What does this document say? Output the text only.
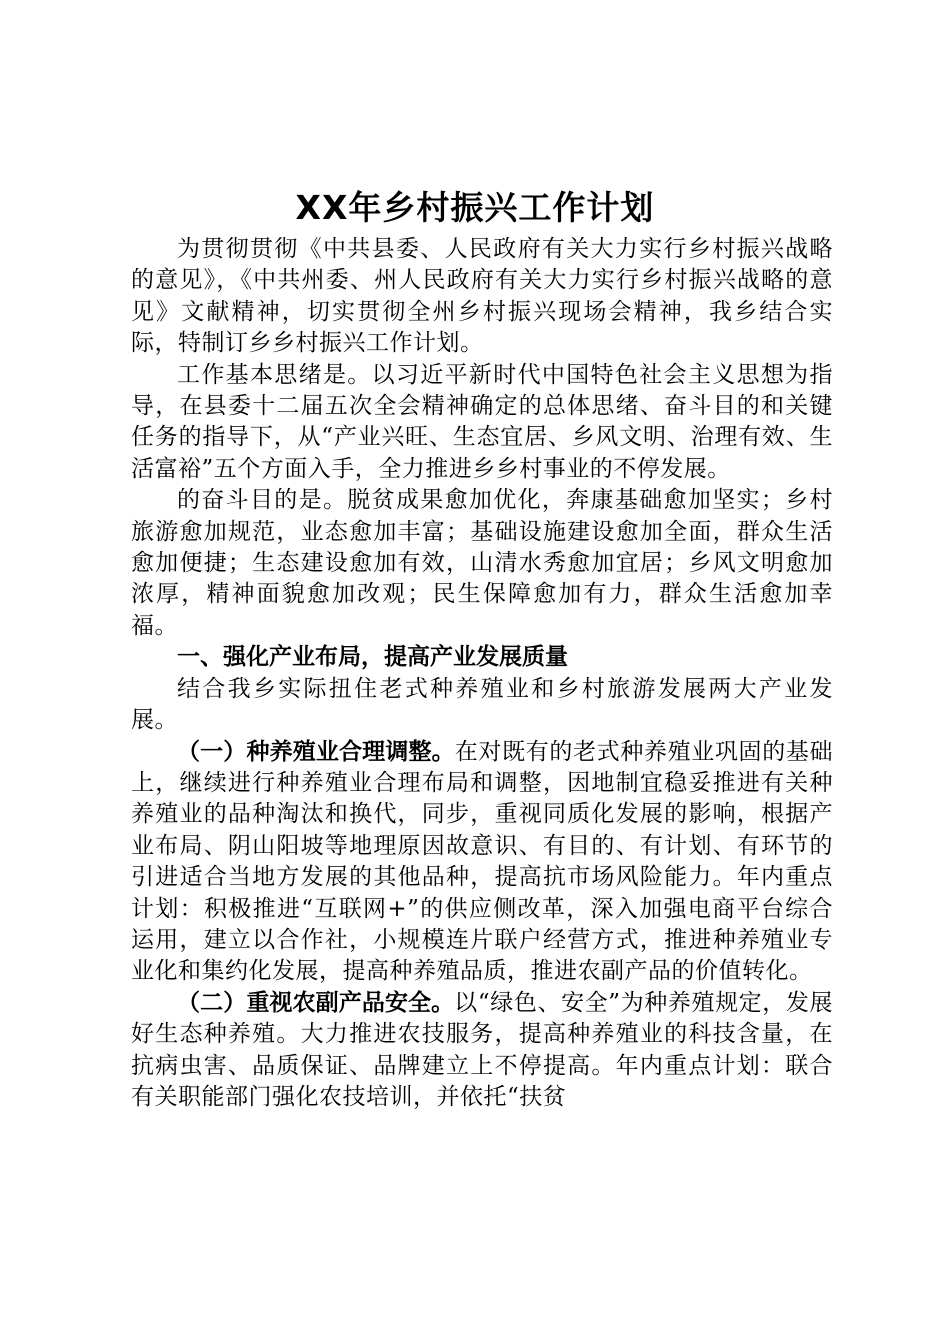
XX年乡村振兴工作计划

为贯彻贯彻《中共县委、人民政府有关大力实行乡村振兴战略的意见》，《中共州委、州人民政府有关大力实行乡村振兴战略的意见》文献精神，切实贯彻全州乡村振兴现场会精神，我乡结合实际，特制订乡乡村振兴工作计划。

工作基本思绪是。以习近平新时代中国特色社会主义思想为指导，在县委十二届五次全会精神确定的总体思绪、奋斗目的和关键任务的指导下，从“产业兴旺、生态宜居、乡风文明、治理有效、生活富裕”五个方面入手，全力推进乡乡村事业的不停发展。

的奋斗目的是。脱贫成果愈加优化，奔康基础愈加坚实；乡村旅游愈加规范，业态愈加丰富；基础设施建设愈加全面，群众生活愈加便捷；生态建设愈加有效，山清水秀愈加宜居；乡风文明愈加浓厚，精神面貌愈加改观；民生保障愈加有力，群众生活愈加幸福。

一、强化产业布局，提高产业发展质量

结合我乡实际扭住老式种养殖业和乡村旅游发展两大产业发展。

（一）种养殖业合理调整。在对既有的老式种养殖业巩固的基础上，继续进行种养殖业合理布局和调整，因地制宜稳妥推进有关种养殖业的品种淘汰和换代，同步，重视同质化发展的影响，根据产业布局、阴山阳坡等地理原因故意识、有目的、有计划、有环节的引进适合当地方发展的其他品种，提高抗市场风险能力。年内重点计划：积极推进“互联网+”的供应侧改革，深入加强电商平台综合运用，建立以合作社，小规模连片联户经营方式，推进种养殖业专业化和集约化发展，提高种养殖品质，推进农副产品的价值转化。

（二）重视农副产品安全。以“绿色、安全”为种养殖规定，发展好生态种养殖。大力推进农技服务，提高种养殖业的科技含量，在抗病虫害、品质保证、品牌建立上不停提高。年内重点计划：联合有关职能部门强化农技培训，并依托“扶贫
